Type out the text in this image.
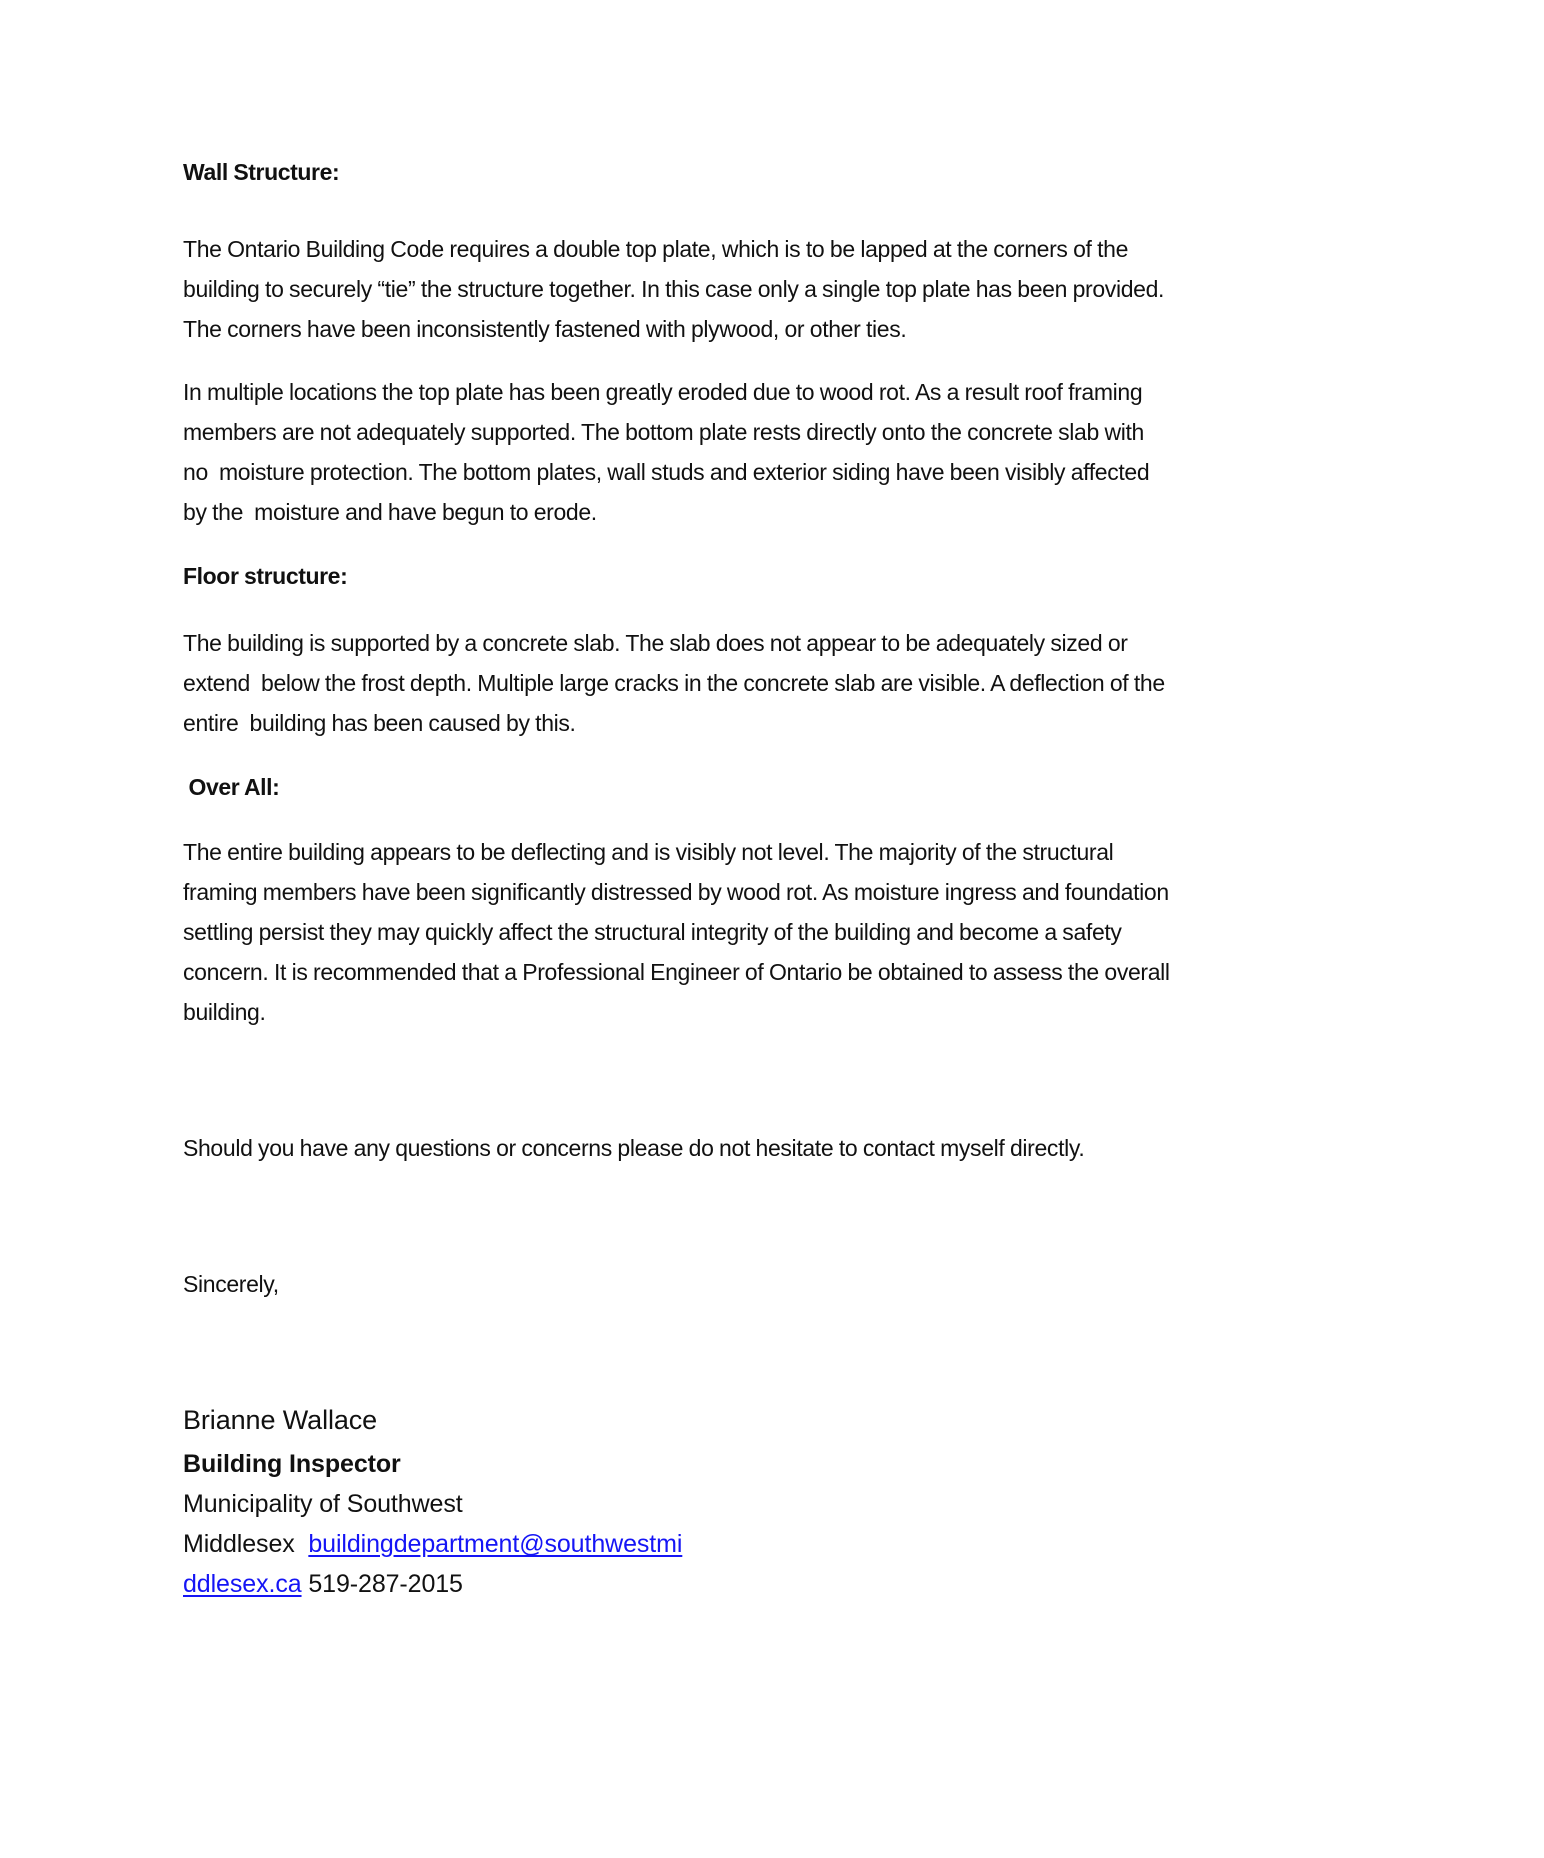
Wall Structure:
The Ontario Building Code requires a double top plate, which is to be lapped at the corners of the
building to securely “tie” the structure together. In this case only a single top plate has been provided.
The corners have been inconsistently fastened with plywood, or other ties.
In multiple locations the top plate has been greatly eroded due to wood rot. As a result roof framing
members are not adequately supported. The bottom plate rests directly onto the concrete slab with
no  moisture protection. The bottom plates, wall studs and exterior siding have been visibly affected
by the  moisture and have begun to erode.
Floor structure:
The building is supported by a concrete slab. The slab does not appear to be adequately sized or
extend  below the frost depth. Multiple large cracks in the concrete slab are visible. A deflection of the
entire  building has been caused by this.
Over All:
The entire building appears to be deflecting and is visibly not level. The majority of the structural
framing members have been significantly distressed by wood rot. As moisture ingress and foundation
settling persist they may quickly affect the structural integrity of the building and become a safety
concern. It is recommended that a Professional Engineer of Ontario be obtained to assess the overall
building.
Should you have any questions or concerns please do not hesitate to contact myself directly.
Sincerely,
Brianne Wallace
Building Inspector
Municipality of Southwest
Middlesex  buildingdepartment@southwestmi
ddlesex.ca 519-287-2015
